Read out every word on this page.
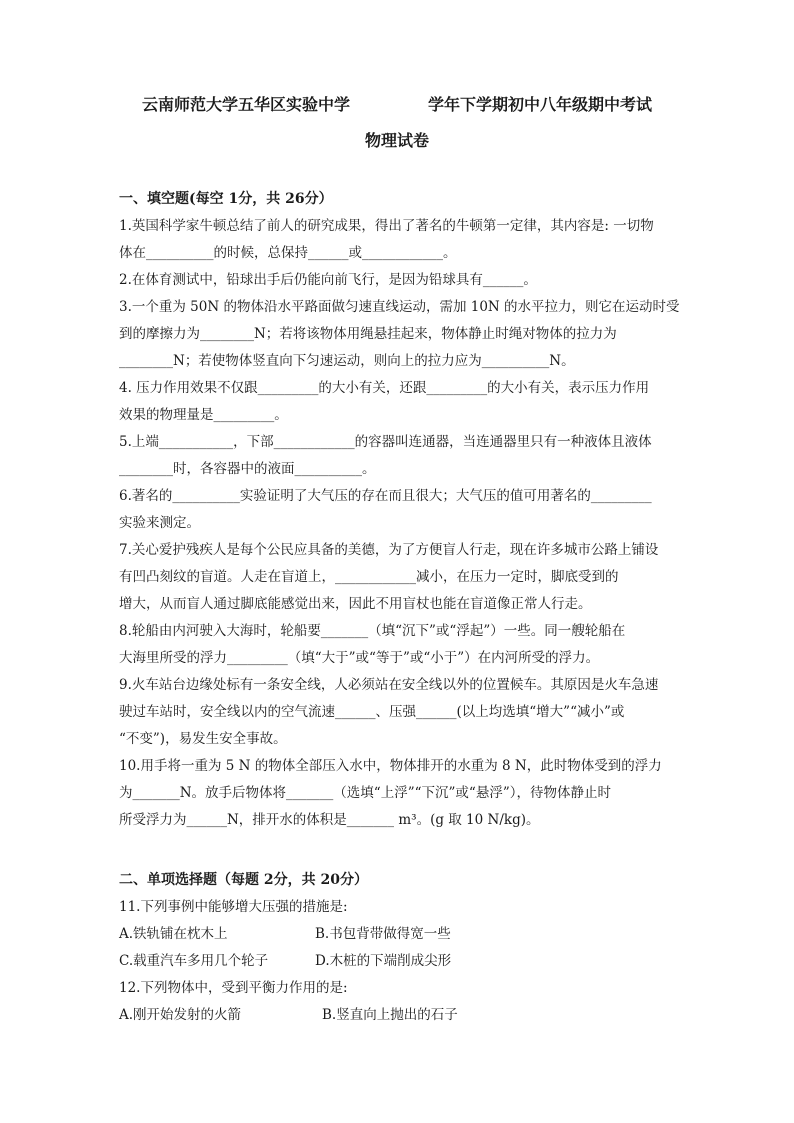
云南师范大学五华区实验中学              学年下学期初中八年级期中考试
物理试卷
一、填空题(每空 1分，共 26分）
1.英国科学家牛顿总结了前人的研究成果，得出了著名的牛顿第一定律，其内容是: 一切物
体在__________的时候，总保持______或____________。
2.在体育测试中，铅球出手后仍能向前飞行，是因为铅球具有______。
3.一个重为 50N 的物体沿水平路面做匀速直线运动，需加 10N 的水平拉力，则它在运动时受
到的摩擦力为________N；若将该物体用绳悬挂起来，物体静止时绳对物体的拉力为
________N；若使物体竖直向下匀速运动，则向上的拉力应为__________N。
4. 压力作用效果不仅跟_________的大小有关，还跟_________的大小有关，表示压力作用
效果的物理量是_________。
5.上端___________，下部____________的容器叫连通器，当连通器里只有一种液体且液体
________时，各容器中的液面__________。
6.著名的__________实验证明了大气压的存在而且很大；大气压的值可用著名的_________
实验来测定。
7.关心爱护残疾人是每个公民应具备的美德，为了方便盲人行走，现在许多城市公路上铺设
有凹凸刻纹的盲道。人走在盲道上，____________减小，在压力一定时，脚底受到的
增大，从而盲人通过脚底能感觉出来，因此不用盲杖也能在盲道像正常人行走。
8.轮船由内河驶入大海时，轮船要_______（填“沉下”或“浮起”）一些。同一艘轮船在
大海里所受的浮力_________（填“大于”或“等于”或“小于”）在内河所受的浮力。
9.火车站台边缘处标有一条安全线，人必须站在安全线以外的位置候车。其原因是火车急速
驶过车站时，安全线以内的空气流速______、压强______(以上均选填“增大”“减小”或
“不变”)，易发生安全事故。
10.用手将一重为 5 N 的物体全部压入水中，物体排开的水重为 8 N，此时物体受到的浮力
为_______N。放手后物体将_______（选填“上浮”“下沉”或“悬浮”），待物体静止时
所受浮力为______N，排开水的体积是_______ m³。(g 取 10 N/kg)。
二、单项选择题（每题 2分，共 20分）
11.下列事例中能够增大压强的措施是:
A.铁轨铺在枕木上	B.书包背带做得宽一些
C.载重汽车多用几个轮子	D.木桩的下端削成尖形
12.下列物体中，受到平衡力作用的是:
A.刚开始发射的火箭	B.竖直向上抛出的石子
